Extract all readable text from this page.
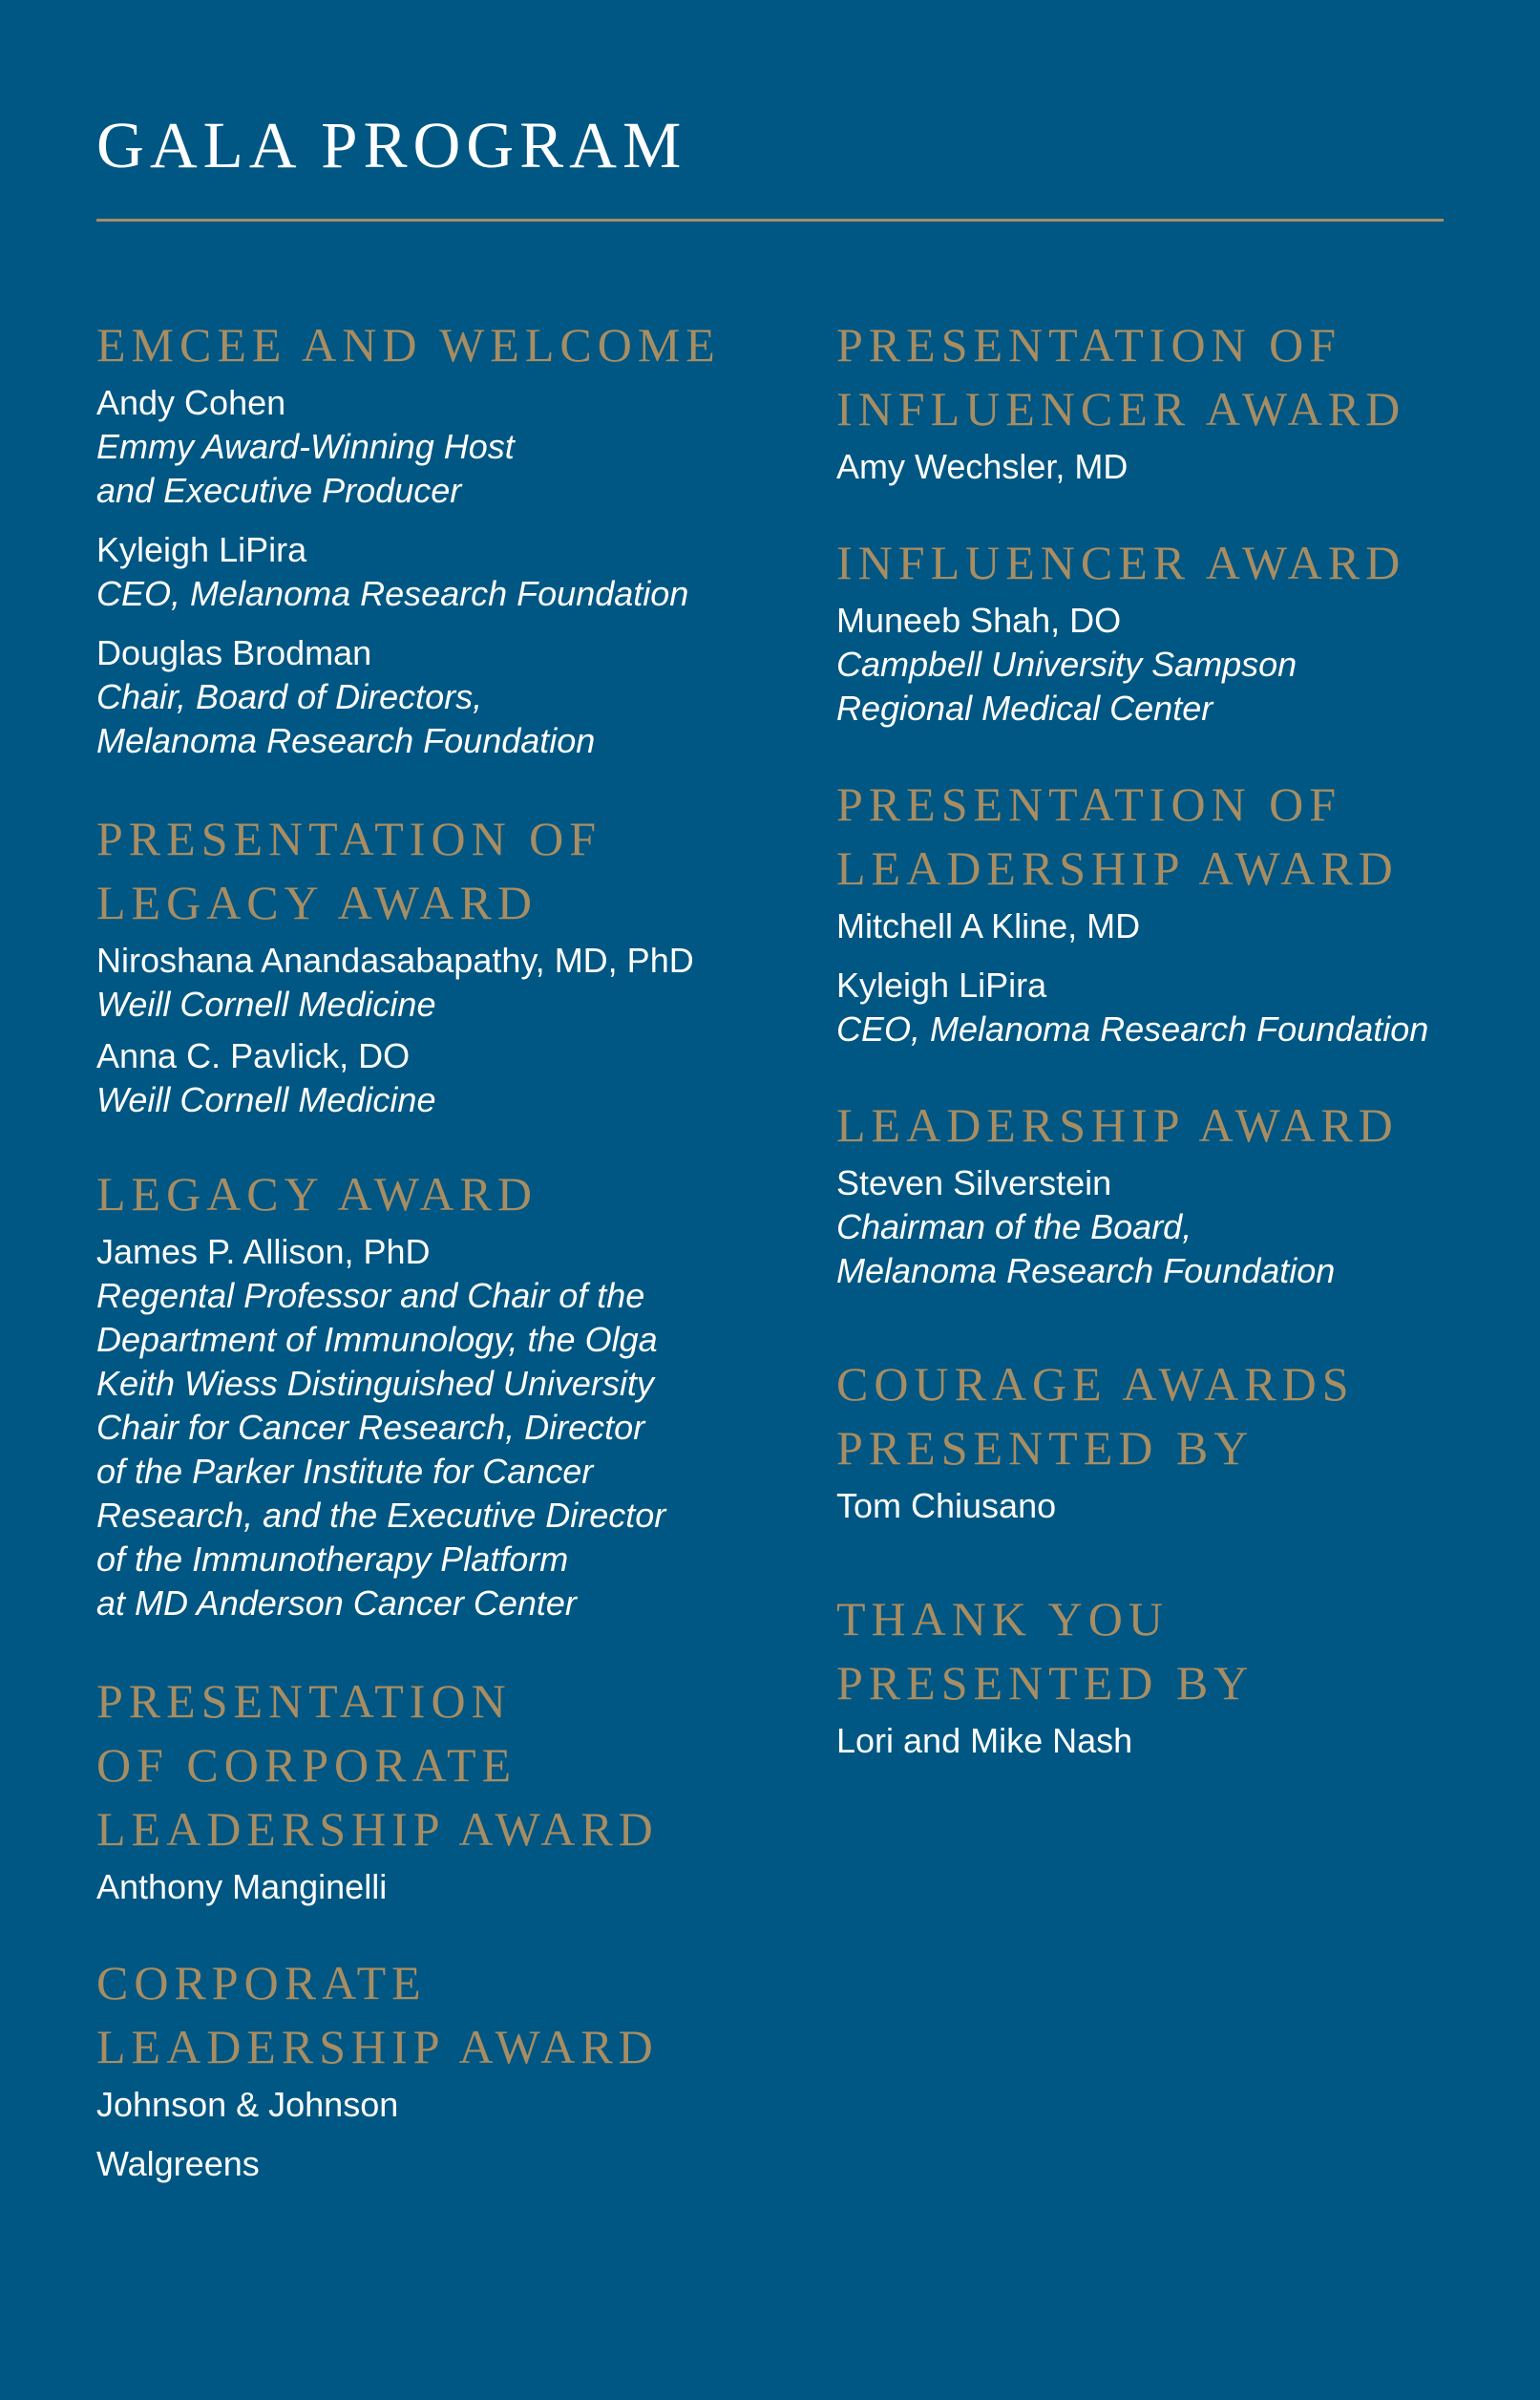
GALA PROGRAM
EMCEE AND WELCOME
Andy Cohen
Emmy Award-Winning Host
and Executive Producer
Kyleigh LiPira
CEO, Melanoma Research Foundation
Douglas Brodman
Chair, Board of Directors,
Melanoma Research Foundation
PRESENTATION OF
LEGACY AWARD
Niroshana Anandasabapathy, MD, PhD
Weill Cornell Medicine
Anna C. Pavlick, DO
Weill Cornell Medicine
LEGACY AWARD
James P. Allison, PhD
Regental Professor and Chair of the
Department of Immunology, the Olga
Keith Wiess Distinguished University
Chair for Cancer Research, Director
of the Parker Institute for Cancer
Research, and the Executive Director
of the Immunotherapy Platform
at MD Anderson Cancer Center
PRESENTATION
OF CORPORATE
LEADERSHIP AWARD
Anthony Manginelli
CORPORATE
LEADERSHIP AWARD
Johnson & Johnson
Walgreens
PRESENTATION OF
INFLUENCER AWARD
Amy Wechsler, MD
INFLUENCER AWARD
Muneeb Shah, DO
Campbell University Sampson
Regional Medical Center
PRESENTATION OF
LEADERSHIP AWARD
Mitchell A Kline, MD
Kyleigh LiPira
CEO, Melanoma Research Foundation
LEADERSHIP AWARD
Steven Silverstein
Chairman of the Board,
Melanoma Research Foundation
COURAGE AWARDS
PRESENTED BY
Tom Chiusano
THANK YOU
PRESENTED BY
Lori and Mike Nash
